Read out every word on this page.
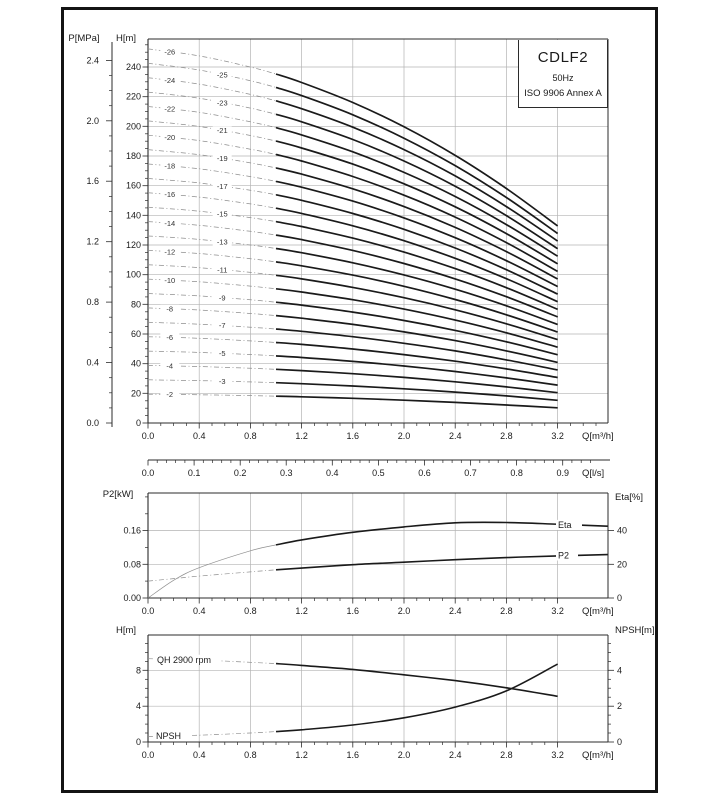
0
20
40
60
80
100
120
140
160
180
200
220
240
0.0	0.4	0.8	1.2	1.6	2.0	2.4	2.8	3.2 Q[m³/h]
0.0
0.4
0.8
1.2
1.6
2.0
2.4
P[MPa] H[m]
0.0	0.1	0.2	0.3	0.4	0.5	0.6	0.7	0.8	0.9 Q[l/s]
-2
-3
-4
-5
-6
-7
-8
-9
-10
-11
-12
-13
-14
-15
-16
-17
-18
-19
-20
-21
-22
-23
-24
-25
-26
0.00
0.08
0.16
0
20
40
0.0	0.4	0.8	1.2	1.6	2.0	2.4	2.8	3.2 Q[m³/h]
P2[kW]	Eta[%]
Eta
P2
0
4
8
0
2
4
0.0	0.4	0.8	1.2	1.6	2.0	2.4	2.8	3.2 Q[m³/h]
H[m]	NPSH[m]
QH 2900 rpm
NPSH
CDLF2
50Hz
ISO 9906 Annex A
